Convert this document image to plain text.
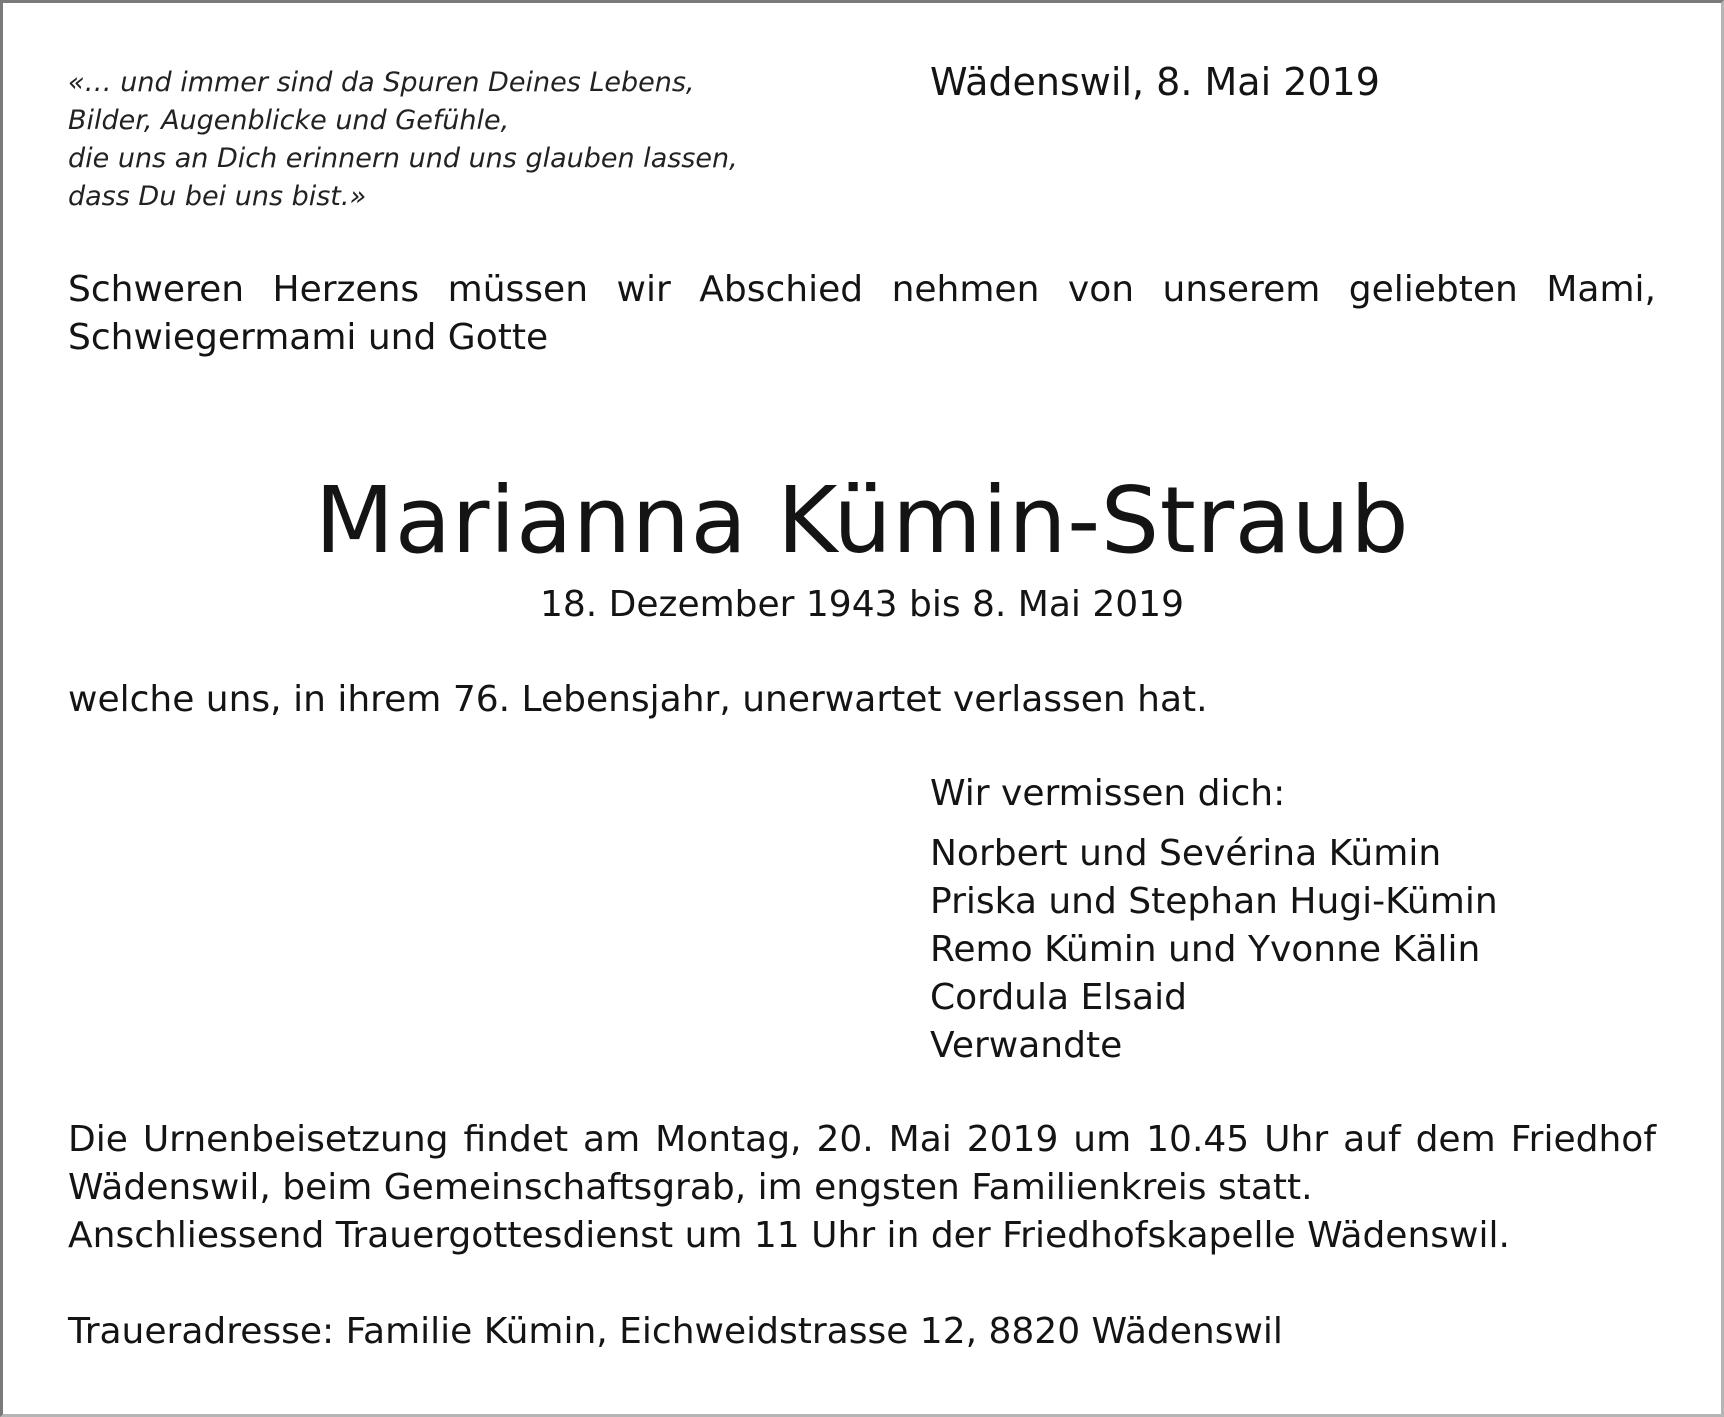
«… und immer sind da Spuren Deines Lebens,
Bilder, Augenblicke und Gefühle,
die uns an Dich erinnern und uns glauben lassen,
dass Du bei uns bist.»
Wädenswil, 8. Mai 2019
Schweren Herzens müssen wir Abschied nehmen von unserem geliebten Mami,
Schwiegermami und Gotte
Marianna Kümin-Straub
18. Dezember 1943 bis 8. Mai 2019
welche uns, in ihrem 76. Lebensjahr, unerwartet verlassen hat.
Wir vermissen dich:
Norbert und Sevérina Kümin
Priska und Stephan Hugi-Kümin
Remo Kümin und Yvonne Kälin
Cordula Elsaid
Verwandte
Die Urnenbeisetzung findet am Montag, 20. Mai 2019 um 10.45 Uhr auf dem Friedhof
Wädenswil, beim Gemeinschaftsgrab, im engsten Familienkreis statt.
Anschliessend Trauergottesdienst um 11 Uhr in der Friedhofskapelle Wädenswil.
Traueradresse: Familie Kümin, Eichweidstrasse 12, 8820 Wädenswil
